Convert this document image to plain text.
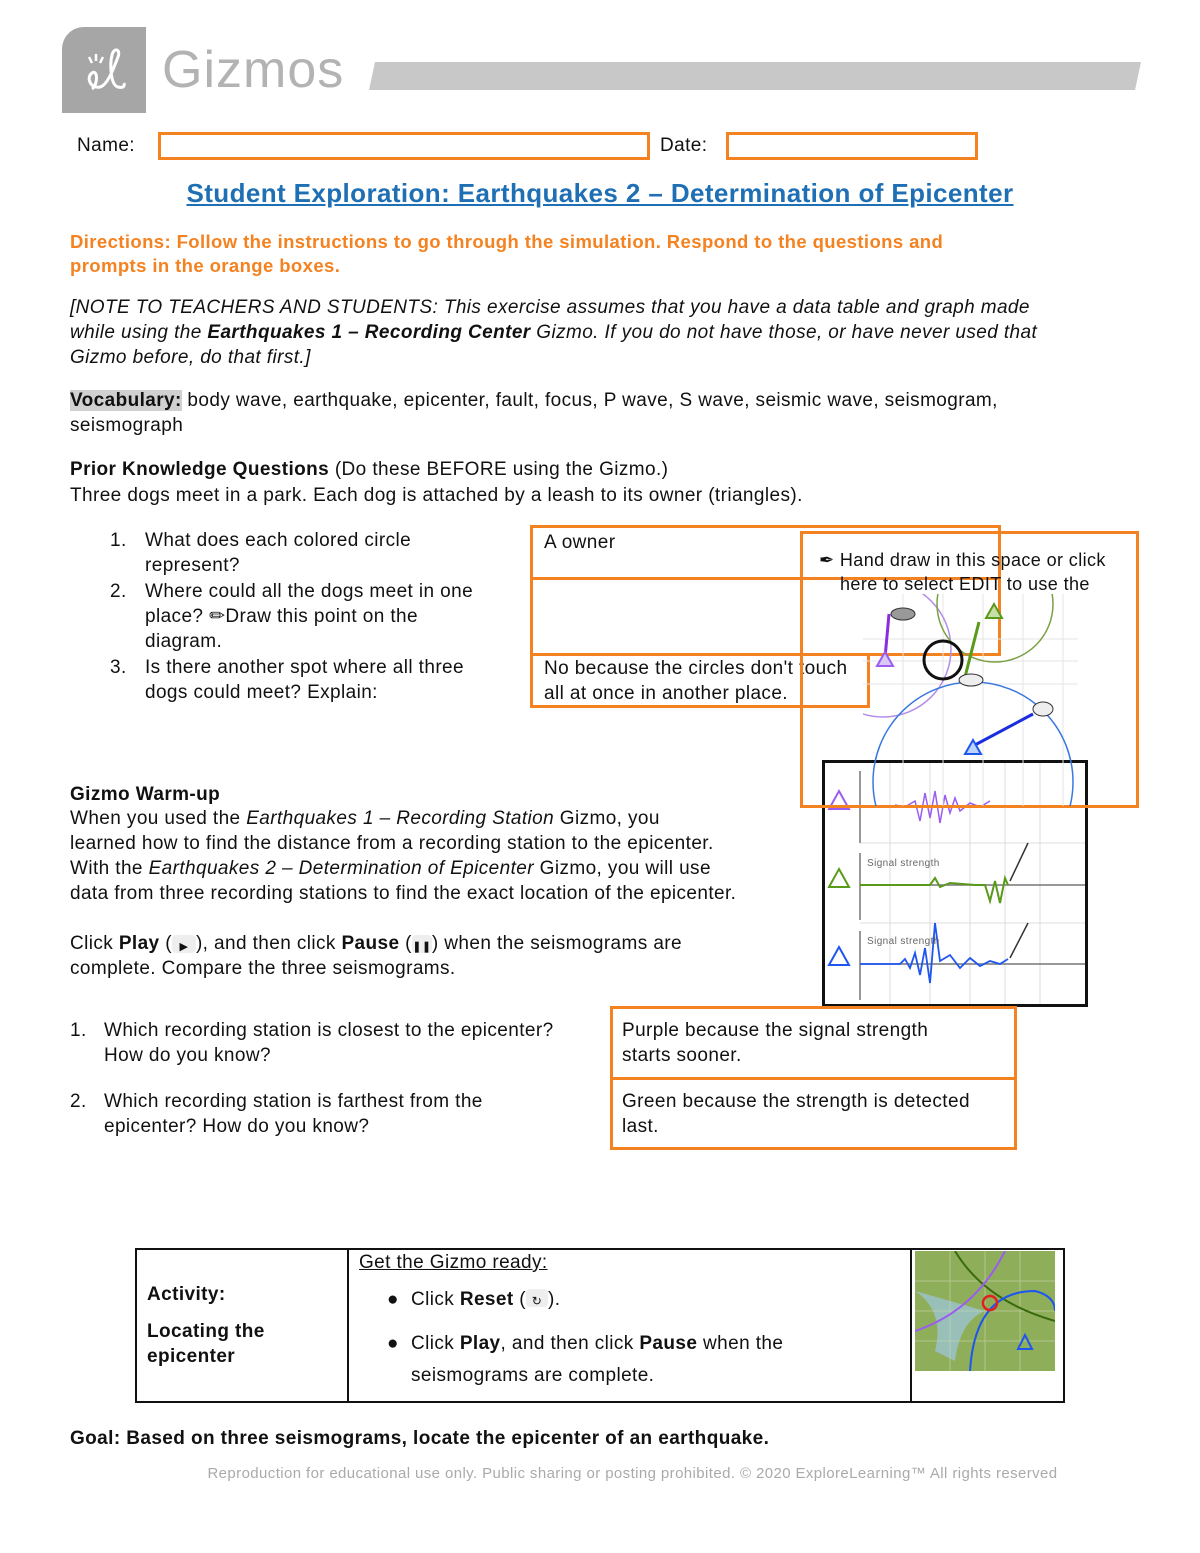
Gizmos
Name:	Date:
Student Exploration: Earthquakes 2 – Determination of Epicenter
Directions: Follow the instructions to go through the simulation. Respond to the questions and
prompts in the orange boxes.
[NOTE TO TEACHERS AND STUDENTS: This exercise assumes that you have a data table and graph made
while using the Earthquakes 1 – Recording Center Gizmo. If you do not have those, or have never used that
Gizmo before, do that first.]
Vocabulary: body wave, earthquake, epicenter, fault, focus, P wave, S wave, seismic wave, seismogram,
seismograph
Prior Knowledge Questions (Do these BEFORE using the Gizmo.)
Three dogs meet in a park. Each dog is attached by a leash to its owner (triangles).
1. What does each colored circle
represent?
2. Where could all the dogs meet in one
place? ✏Draw this point on the
diagram.
3. Is there another spot where all three
dogs could meet? Explain:
A owner
No because the circles don't touch
all at once in another place.
Signal strength
Signal strength
✒ Hand draw in this space or click
here to select EDIT to use the
Gizmo Warm-up
When you used the Earthquakes 1 – Recording Station Gizmo, you
learned how to find the distance from a recording station to the epicenter.
With the Earthquakes 2 – Determination of Epicenter Gizmo, you will use
data from three recording stations to find the exact location of the epicenter.
Click Play ( ▶ ), and then click Pause (❚❚) when the seismograms are
complete. Compare the three seismograms.
1. Which recording station is closest to the epicenter?
How do you know?
2. Which recording station is farthest from the
epicenter? How do you know?
Purple because the signal strength
starts sooner.
Green because the strength is detected
last.
Activity:
Locating the
epicenter

Get the Gizmo ready:
● Click Reset ( ↻ ).
● Click Play, and then click Pause when the
seismograms are complete.

Goal: Based on three seismograms, locate the epicenter of an earthquake.
Reproduction for educational use only. Public sharing or posting prohibited. © 2020 ExploreLearning™ All rights reserved
